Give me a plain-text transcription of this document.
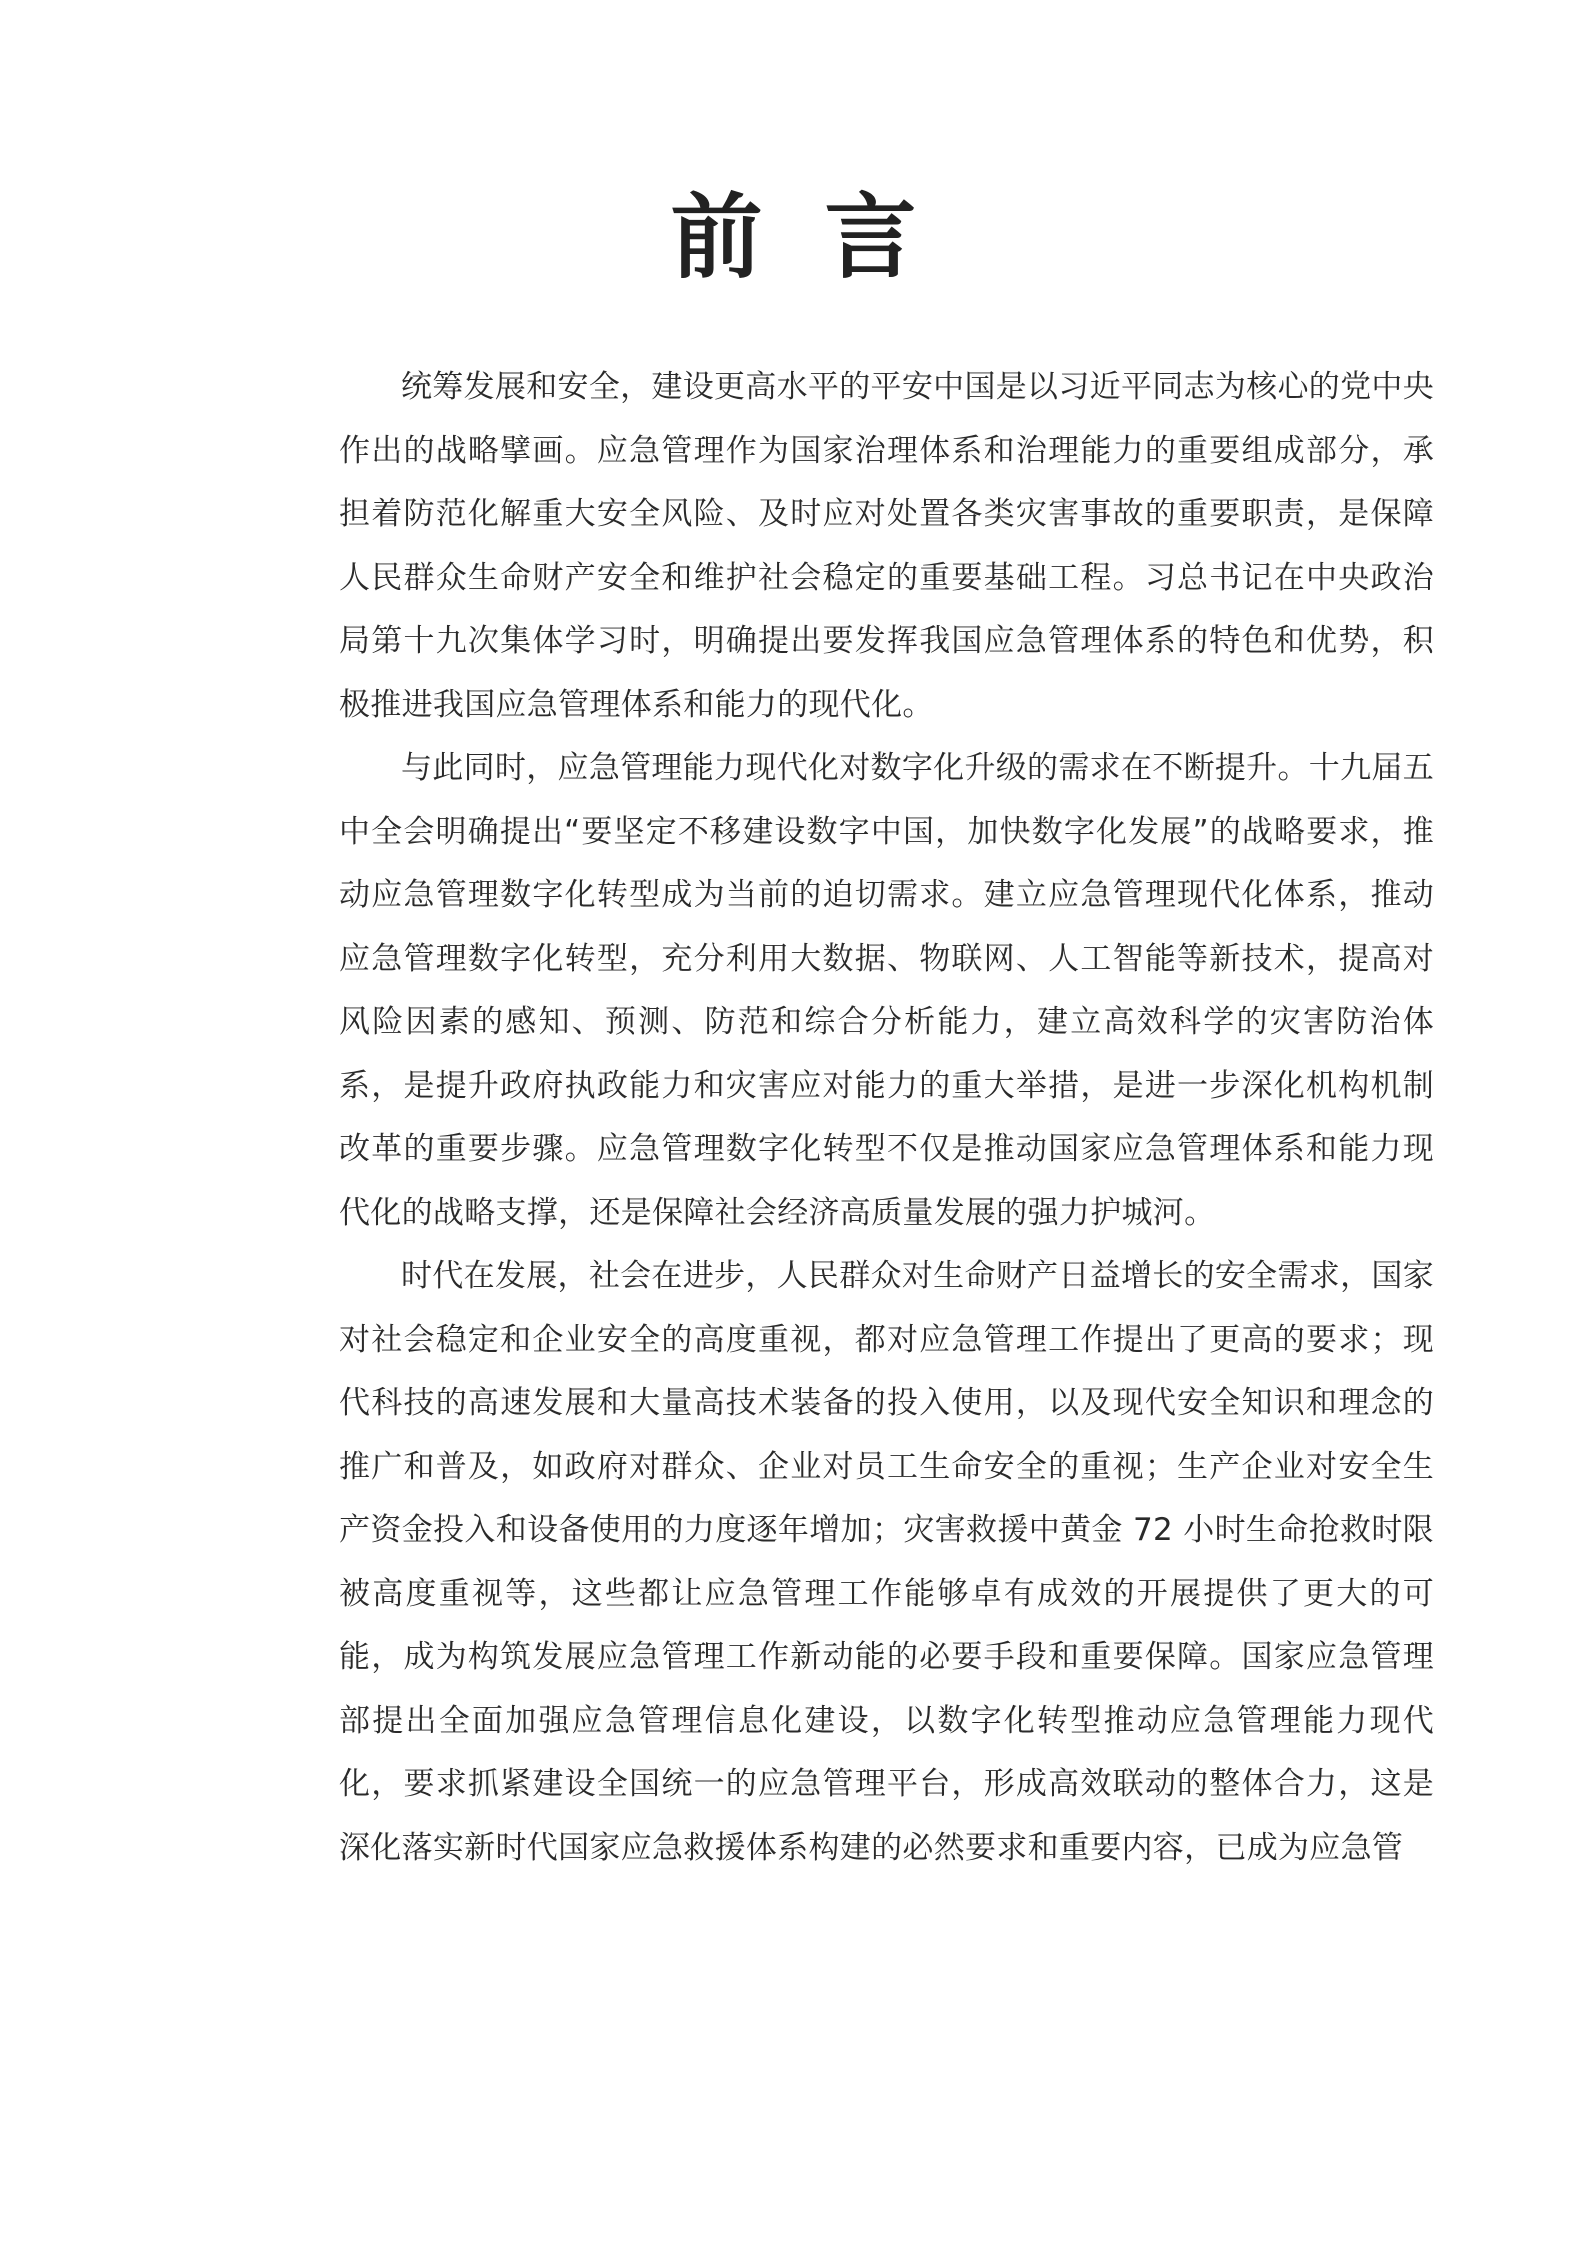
前言

统筹发展和安全，建设更高水平的平安中国是以习近平同志为核心的党中央作出的战略擘画。应急管理作为国家治理体系和治理能力的重要组成部分，承担着防范化解重大安全风险、及时应对处置各类灾害事故的重要职责，是保障人民群众生命财产安全和维护社会稳定的重要基础工程。习总书记在中央政治局第十九次集体学习时，明确提出要发挥我国应急管理体系的特色和优势，积极推进我国应急管理体系和能力的现代化。

与此同时，应急管理能力现代化对数字化升级的需求在不断提升。十九届五中全会明确提出“要坚定不移建设数字中国，加快数字化发展”的战略要求，推动应急管理数字化转型成为当前的迫切需求。建立应急管理现代化体系，推动应急管理数字化转型，充分利用大数据、物联网、人工智能等新技术，提高对风险因素的感知、预测、防范和综合分析能力，建立高效科学的灾害防治体系，是提升政府执政能力和灾害应对能力的重大举措，是进一步深化机构机制改革的重要步骤。应急管理数字化转型不仅是推动国家应急管理体系和能力现代化的战略支撑，还是保障社会经济高质量发展的强力护城河。

时代在发展，社会在进步，人民群众对生命财产日益增长的安全需求，国家对社会稳定和企业安全的高度重视，都对应急管理工作提出了更高的要求；现代科技的高速发展和大量高技术装备的投入使用，以及现代安全知识和理念的推广和普及，如政府对群众、企业对员工生命安全的重视；生产企业对安全生产资金投入和设备使用的力度逐年增加；灾害救援中黄金 72 小时生命抢救时限被高度重视等，这些都让应急管理工作能够卓有成效的开展提供了更大的可能，成为构筑发展应急管理工作新动能的必要手段和重要保障。国家应急管理部提出全面加强应急管理信息化建设，以数字化转型推动应急管理能力现代化，要求抓紧建设全国统一的应急管理平台，形成高效联动的整体合力，这是深化落实新时代国家应急救援体系构建的必然要求和重要内容，已成为应急管
